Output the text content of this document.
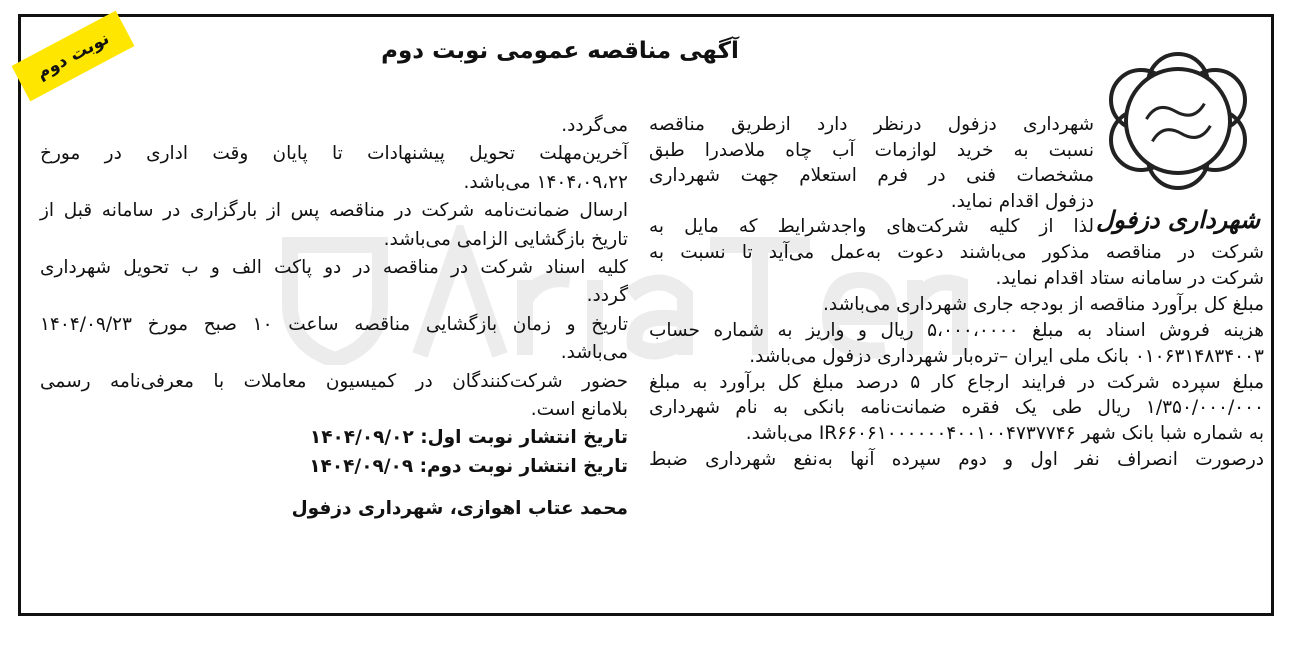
نوبت دوم	آگهی مناقصه عمومی نوبت دوم
شهرداری دزفول
شهرداری دزفول درنظر دارد ازطریق مناقصه
نسبت به خرید لوازمات آب چاه ملاصدرا طبق
مشخصات فنی در فرم استعلام جهت شهرداری
دزفول اقدام نماید.
لذا از کلیه شرکت‌های واجدشرایط که مایل به
شرکت در مناقصه مذکور می‌باشند دعوت به‌عمل می‌آید تا نسبت به
شرکت در سامانه ستاد اقدام نماید.
مبلغ کل برآورد مناقصه از بودجه جاری شهرداری می‌باشد.
هزینه فروش اسناد به مبلغ ۵،۰۰۰،۰۰۰۰ ریال و واریز به شماره حساب
۰۱۰۶۳۱۴۸۳۴۰۰۳ بانک ملی ایران –تره‌بار شهرداری دزفول می‌باشد.
مبلغ سپرده شرکت در فرایند ارجاع کار ۵ درصد مبلغ کل برآورد به مبلغ
۱/۳۵۰/۰۰۰/۰۰۰ ریال طی یک فقره ضمانت‌نامه بانکی به نام شهرداری
به شماره شبا بانک شهر IR۶۶۰۶۱۰۰۰۰۰۰۴۰۰۱۰۰۴۷۳۷۷۴۶ می‌باشد.
درصورت انصراف نفر اول و دوم سپرده آنها به‌نفع شهرداری ضبط
می‌گردد.
آخرین‌مهلت تحویل پیشنهادات تا پایان وقت اداری در مورخ
۱۴۰۴،۰۹،۲۲ می‌باشد.
ارسال ضمانت‌نامه شرکت در مناقصه پس از بارگزاری در سامانه قبل از
تاریخ بازگشایی الزامی می‌باشد.
کلیه اسناد شرکت در مناقصه در دو پاکت الف و ب تحویل شهرداری
گردد.
تاریخ و زمان بازگشایی مناقصه ساعت ۱۰ صبح مورخ ۱۴۰۴/۰۹/۲۳
می‌باشد.
حضور شرکت‌کنندگان در کمیسیون معاملات با معرفی‌نامه رسمی
بلامانع است.
تاریخ انتشار نوبت اول: ۱۴۰۴/۰۹/۰۲
تاریخ انتشار نوبت دوم: ۱۴۰۴/۰۹/۰۹
محمد عتاب اهوازی، شهرداری دزفول
